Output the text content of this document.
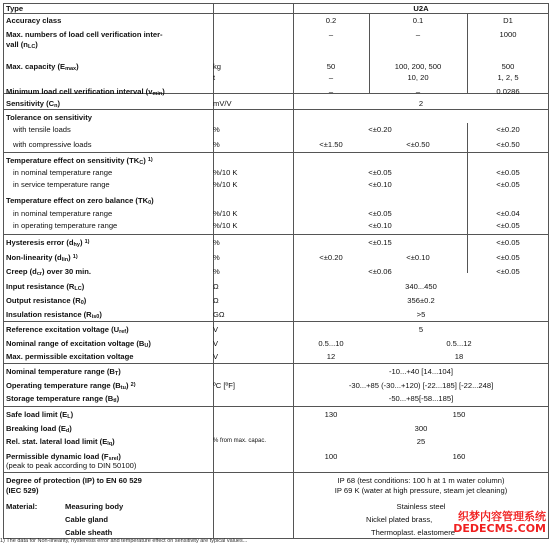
Type	U2A
Accuracy class	0.2	0.1	D1
Max. numbers of load cell verification inter-	–	–	1000
vall $(n_{LC})$
Max. capacity $(E_{max})$	kg	50	100, 200, 500	500
t	–	10, 20	1, 2, 5
Minimum load cell verification interval $(v_{min})$	–	–	0.0286
Sensitivity $(C_n)$	mV/V	2
Tolerance on sensitivity
with tensile loads	%	<±0.20	<±0.20
with compressive loads	%	<±1.50	<±0.50	<±0.50
Temperature effect on sensitivity $(TK_C)$ $^{1)}$
in nominal temperature range	%/10 K	<±0.05	<±0.05
in service temperature range	%/10 K	<±0.10	<±0.05
Temperature effect on zero balance $(TK_0)$
in nominal temperature range	%/10 K	<±0.05	<±0.04
in operating temperature range	%/10 K	<±0.10	<±0.05
Hysteresis error $(d_{hy})$ $^{1)}$	%	<±0.15	<±0.05
Non-linearity $(d_{lin})$ $^{1)}$	%	<±0.20	<±0.10	<±0.05
Creep $(d_{cr})$ over 30 min.	%	<±0.06	<±0.05
Input resistance $(R_{LC})$	Ω	340...450
Output resistance $(R_0)$	Ω	356±0.2
Insulation resistance $(R_{is0})$	GΩ	>5
Reference excitation voltage $(U_{ref})$	V	5
Nominal range of excitation voltage $(B_U)$	V	0.5...10	0.5...12
Max. permissible excitation voltage	V	12	18
Nominal temperature range $(B_T)$	-10...+40 [14...104]
Operating temperature range $(B_{tu})$ $^{2)}$	ºC [ºF]	-30...+85 (-30...+120) [-22...185] [-22...248]
Storage temperature range $(B_{tl})$	-50...+85[-58...185]
Safe load limit $(E_L)$	130	150
Breaking load $(E_d)$	300
Rel. stat. lateral load limit $(E_{lq})$	% from max. capac.	25
Permissible dynamic load $(F_{srel})$	100	160
(peak to peak according to DIN 50100)
Degree of protection (IP) to EN 60 529	IP 68 (test conditions: 100 h at 1 m water column)
(IEC 529)	IP 69 K (water at high pressure, steam jet cleaning)
Material:	Measuring body	Stainless steel
Cable gland	Nickel plated brass,
Cable sheath	Thermoplast. elastomere
织梦内容管理系统
DEDECMS.COM
1) The data for Non-linearity, hysteresis error and temperature effect on sensitivity are typical values...
